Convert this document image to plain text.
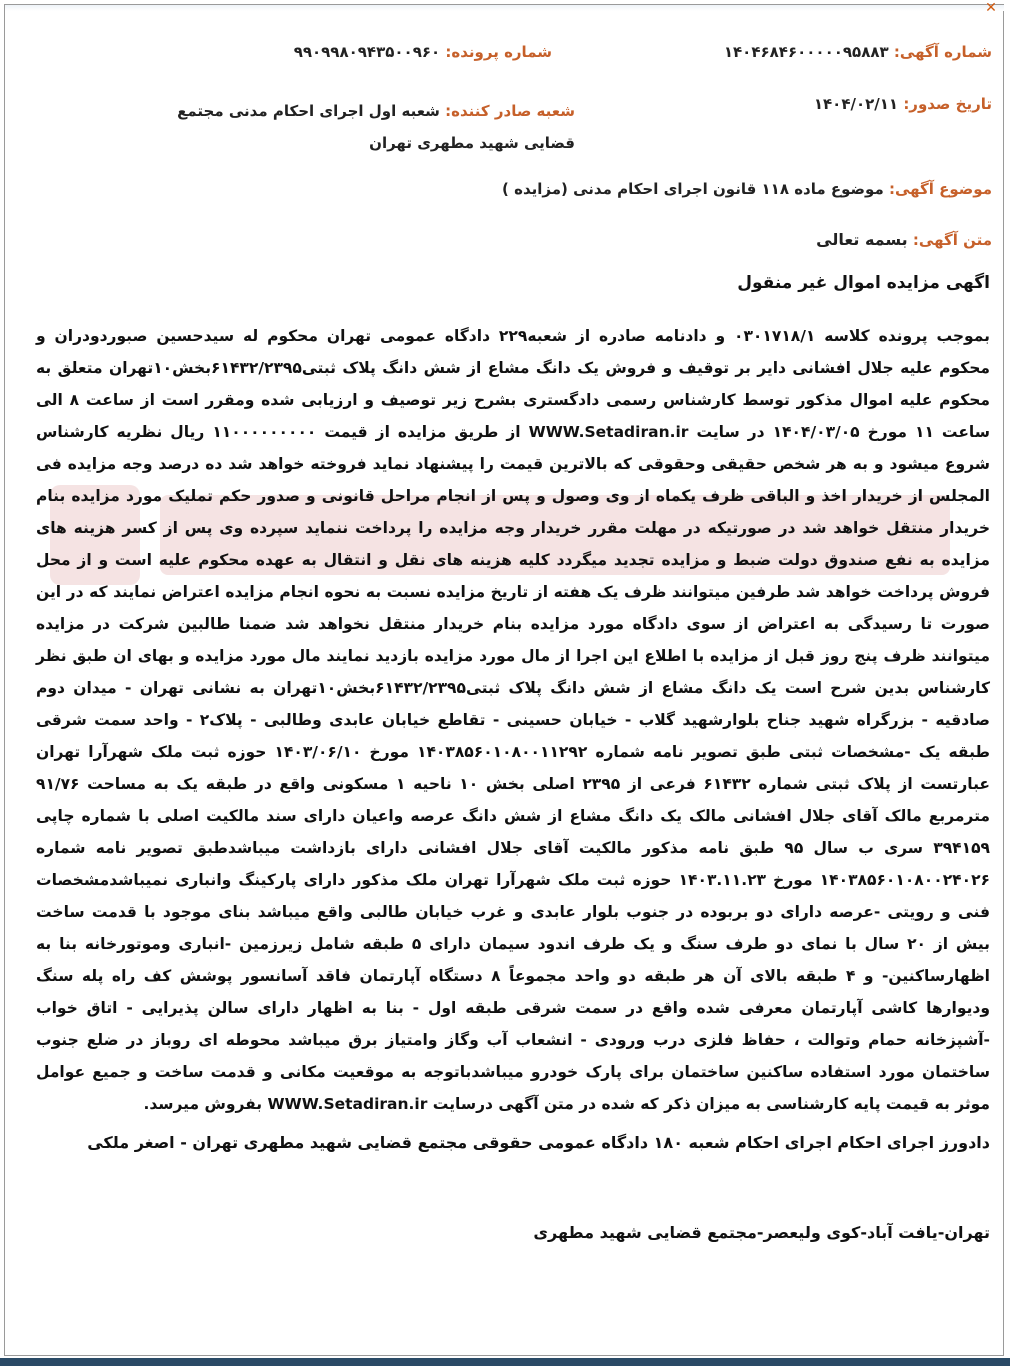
✕
شماره آگهی: ۱۴۰۴۶۸۴۶۰۰۰۰۰۹۵۸۸۳
شماره پرونده: ۹۹۰۹۹۸۰۹۴۳۵۰۰۹۶۰
تاریخ صدور: ۱۴۰۴/۰۲/۱۱
شعبه صادر کننده: شعبه اول اجرای احکام مدنی مجتمع قضایی شهید مطهری تهران
موضوع آگهی: موضوع ماده ۱۱۸ قانون اجرای احکام مدنی (مزایده )
متن آگهی: بسمه تعالی
اگهی مزایده اموال غیر منقول
بموجب پرونده کلاسه ۰۳۰۱۷۱۸/۱ و دادنامه صادره از شعبه۲۲۹ دادگاه عمومی تهران محکوم له سیدحسین صبوردودران و محکوم علیه جلال افشانی دایر بر توقیف و فروش یک دانگ مشاع از شش دانگ پلاک ثبتی۶۱۴۳۲/۲۳۹۵بخش۱۰تهران متعلق به محکوم علیه اموال مذکور توسط کارشناس رسمی دادگستری بشرح زیر توصیف و ارزیابی شده ومقرر است از ساعت ۸ الی ساعت ۱۱ مورخ ۱۴۰۴/۰۳/۰۵ در سایت WWW.Setadiran.ir از طریق مزایده از قیمت ۱۱۰۰۰۰۰۰۰۰۰ ریال نظریه کارشناس شروع میشود و به هر شخص حقیقی وحقوقی که بالاترین قیمت را پیشنهاد نماید فروخته خواهد شد ده درصد وجه مزایده فی المجلس از خریدار اخذ و الباقی ظرف یکماه از وی وصول و پس از انجام مراحل قانونی و صدور حکم تملیک مورد مزایده بنام خریدار منتقل خواهد شد در صورتیکه در مهلت مقرر خریدار وجه مزایده را پرداخت ننماید سپرده وی پس از کسر هزینه های مزایده به نفع صندوق دولت ضبط و مزایده تجدید میگردد کلیه هزینه های نقل و انتقال به عهده محکوم علیه است و از محل فروش پرداخت خواهد شد طرفین میتوانند ظرف یک هفته از تاریخ مزایده نسبت به نحوه انجام مزایده اعتراض نمایند که در این صورت تا رسیدگی به اعتراض از سوی دادگاه مورد مزایده بنام خریدار منتقل نخواهد شد ضمنا طالبین شرکت در مزایده میتوانند ظرف پنج روز قبل از مزایده با اطلاع این اجرا از مال مورد مزایده بازدید نمایند مال مورد مزایده و بهای ان طبق نظر کارشناس بدین شرح است یک دانگ مشاع از شش دانگ پلاک ثبتی۶۱۴۳۲/۲۳۹۵بخش۱۰تهران به نشانی تهران - میدان دوم صادقیه - بزرگراه شهید جناح بلوارشهید گلاب - خیابان حسینی - تقاطع خیابان عابدی وطالبی - پلاک۲ - واحد سمت شرقی طبقه یک -مشخصات ثبتی طبق تصویر نامه شماره ۱۴۰۳۸۵۶۰۱۰۸۰۰۱۱۲۹۲ مورخ ۱۴۰۳/۰۶/۱۰ حوزه ثبت ملک شهرآرا تهران عبارتست از پلاک ثبتی شماره ۶۱۴۳۲ فرعی از ۲۳۹۵ اصلی بخش ۱۰ ناحیه ۱ مسکونی واقع در طبقه یک به مساحت ۹۱/۷۶ مترمربع مالک آقای جلال افشانی مالک یک دانگ مشاع از شش دانگ عرصه واعیان دارای سند مالکیت اصلی با شماره چاپی ۳۹۴۱۵۹ سری ب سال ۹۵ طبق نامه مذکور مالکیت آقای جلال افشانی دارای بازداشت میباشدطبق تصویر نامه شماره ۱۴۰۳۸۵۶۰۱۰۸۰۰۲۴۰۲۶ مورخ ۱۴۰۳.۱۱.۲۳ حوزه ثبت ملک شهرآرا تهران ملک مذکور دارای پارکینگ وانباری نمیباشدمشخصات فنی و رویتی -عرصه دارای دو بربوده در جنوب بلوار عابدی و غرب خیابان طالبی واقع میباشد بنای موجود با قدمت ساخت بیش از ۲۰ سال با نمای دو طرف سنگ و یک طرف اندود سیمان دارای ۵ طبقه شامل زیرزمین -انباری وموتورخانه بنا به اظهارساکنین- و ۴ طبقه بالای آن هر طبقه دو واحد مجموعاً ۸ دستگاه آپارتمان فاقد آسانسور پوشش کف راه پله سنگ ودیوارها کاشی آپارتمان معرفی شده واقع در سمت شرقی طبقه اول - بنا به اظهار دارای سالن پذیرایی - اتاق خواب -آشپزخانه حمام وتوالت ، حفاظ فلزی درب ورودی - انشعاب آب وگاز وامتیاز برق میباشد محوطه ای روباز در ضلع جنوب ساختمان مورد استفاده ساکنین ساختمان برای پارک خودرو میباشدباتوجه به موقعیت مکانی و قدمت ساخت و جمیع عوامل موثر به قیمت پایه کارشناسی به میزان ذکر که شده در متن آگهی درسایت WWW.Setadiran.ir بفروش میرسد.
دادورز اجرای احکام اجرای احکام شعبه ۱۸۰ دادگاه عمومی حقوقی مجتمع قضایی شهید مطهری تهران - اصغر ملکی
تهران-یافت آباد-کوی ولیعصر-مجتمع قضایی شهید مطهری
